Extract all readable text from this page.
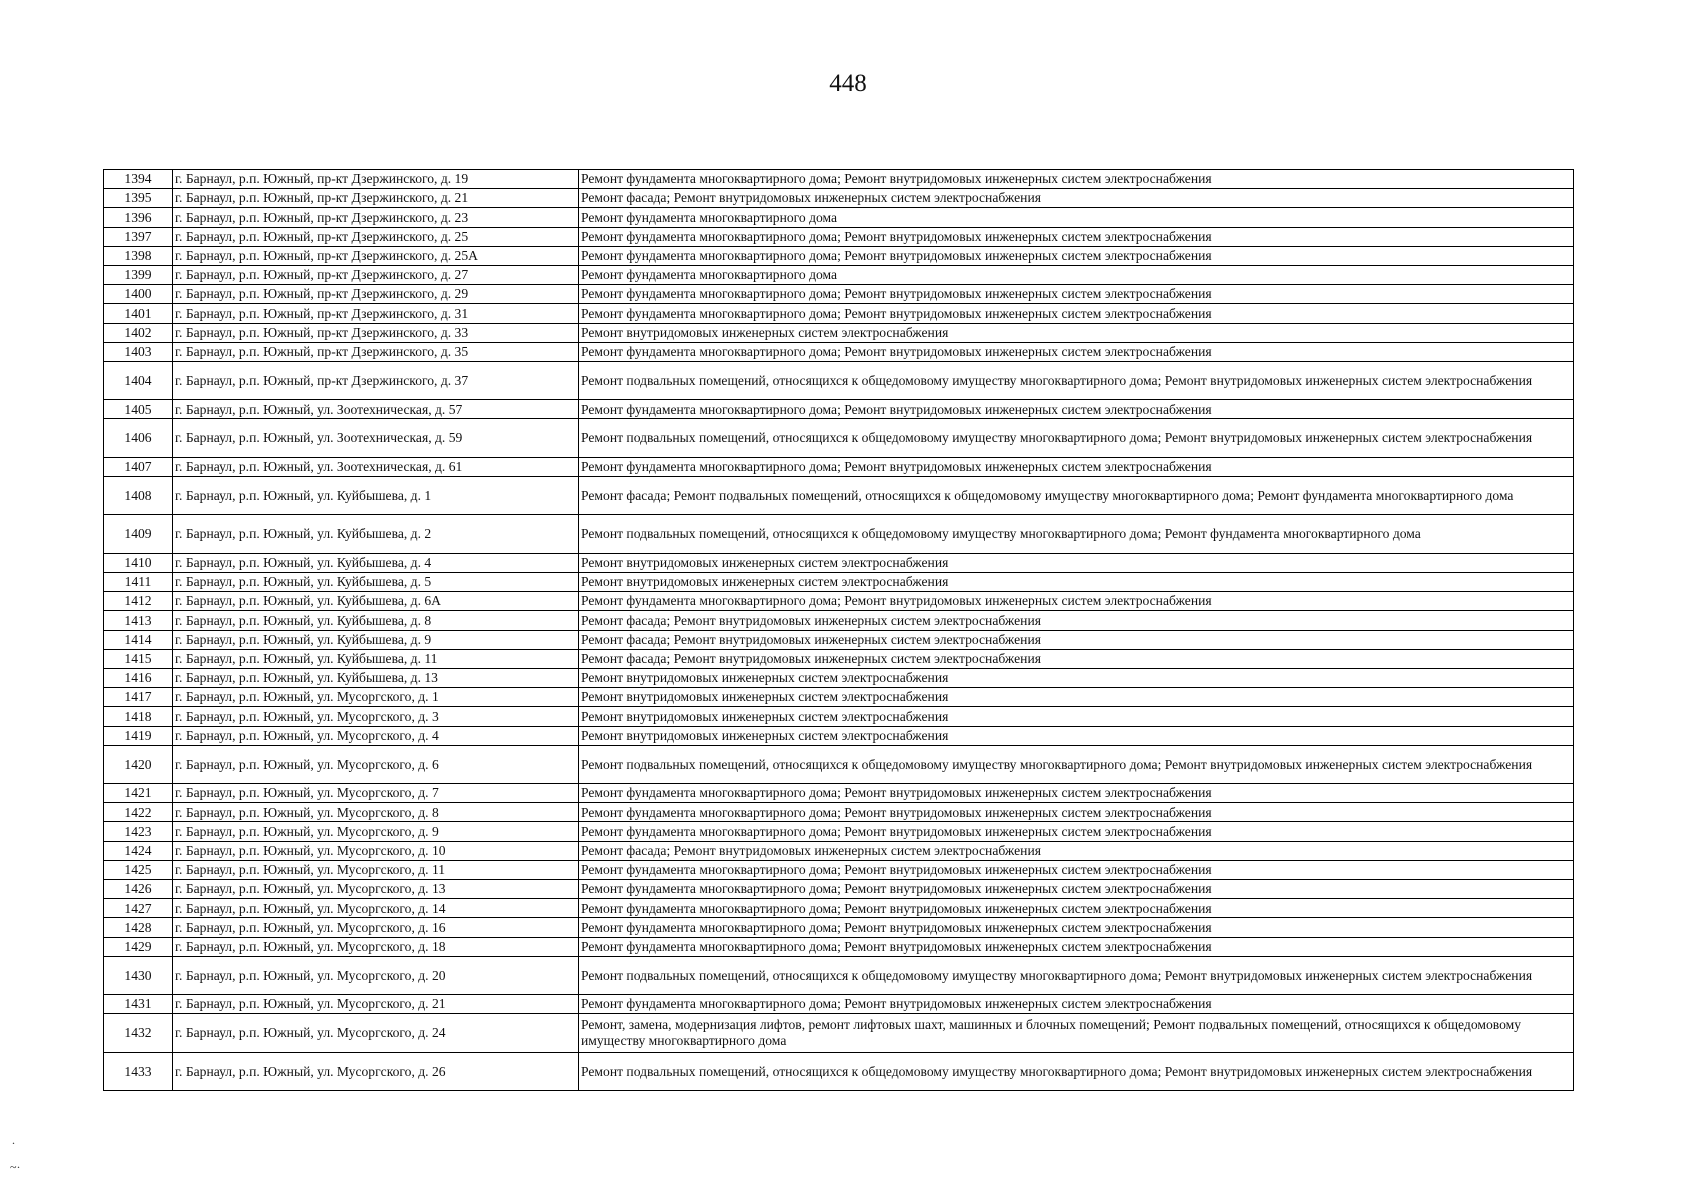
448
1394	г. Барнаул, р.п. Южный, пр-кт Дзержинского, д. 19	Ремонт фундамента многоквартирного дома; Ремонт внутридомовых инженерных систем электроснабжения
1395	г. Барнаул, р.п. Южный, пр-кт Дзержинского, д. 21	Ремонт фасада; Ремонт внутридомовых инженерных систем электроснабжения
1396	г. Барнаул, р.п. Южный, пр-кт Дзержинского, д. 23	Ремонт фундамента многоквартирного дома
1397	г. Барнаул, р.п. Южный, пр-кт Дзержинского, д. 25	Ремонт фундамента многоквартирного дома; Ремонт внутридомовых инженерных систем электроснабжения
1398	г. Барнаул, р.п. Южный, пр-кт Дзержинского, д. 25А	Ремонт фундамента многоквартирного дома; Ремонт внутридомовых инженерных систем электроснабжения
1399	г. Барнаул, р.п. Южный, пр-кт Дзержинского, д. 27	Ремонт фундамента многоквартирного дома
1400	г. Барнаул, р.п. Южный, пр-кт Дзержинского, д. 29	Ремонт фундамента многоквартирного дома; Ремонт внутридомовых инженерных систем электроснабжения
1401	г. Барнаул, р.п. Южный, пр-кт Дзержинского, д. 31	Ремонт фундамента многоквартирного дома; Ремонт внутридомовых инженерных систем электроснабжения
1402	г. Барнаул, р.п. Южный, пр-кт Дзержинского, д. 33	Ремонт внутридомовых инженерных систем электроснабжения
1403	г. Барнаул, р.п. Южный, пр-кт Дзержинского, д. 35	Ремонт фундамента многоквартирного дома; Ремонт внутридомовых инженерных систем электроснабжения
1404	г. Барнаул, р.п. Южный, пр-кт Дзержинского, д. 37	Ремонт подвальных помещений, относящихся к общедомовому имуществу многоквартирного дома; Ремонт внутридомовых инженерных систем электроснабжения
1405	г. Барнаул, р.п. Южный, ул. Зоотехническая, д. 57	Ремонт фундамента многоквартирного дома; Ремонт внутридомовых инженерных систем электроснабжения
1406	г. Барнаул, р.п. Южный, ул. Зоотехническая, д. 59	Ремонт подвальных помещений, относящихся к общедомовому имуществу многоквартирного дома; Ремонт внутридомовых инженерных систем электроснабжения
1407	г. Барнаул, р.п. Южный, ул. Зоотехническая, д. 61	Ремонт фундамента многоквартирного дома; Ремонт внутридомовых инженерных систем электроснабжения
1408	г. Барнаул, р.п. Южный, ул. Куйбышева, д. 1	Ремонт фасада; Ремонт подвальных помещений, относящихся к общедомовому имуществу многоквартирного дома; Ремонт фундамента многоквартирного дома
1409	г. Барнаул, р.п. Южный, ул. Куйбышева, д. 2	Ремонт подвальных помещений, относящихся к общедомовому имуществу многоквартирного дома; Ремонт фундамента многоквартирного дома
1410	г. Барнаул, р.п. Южный, ул. Куйбышева, д. 4	Ремонт внутридомовых инженерных систем электроснабжения
1411	г. Барнаул, р.п. Южный, ул. Куйбышева, д. 5	Ремонт внутридомовых инженерных систем электроснабжения
1412	г. Барнаул, р.п. Южный, ул. Куйбышева, д. 6А	Ремонт фундамента многоквартирного дома; Ремонт внутридомовых инженерных систем электроснабжения
1413	г. Барнаул, р.п. Южный, ул. Куйбышева, д. 8	Ремонт фасада; Ремонт внутридомовых инженерных систем электроснабжения
1414	г. Барнаул, р.п. Южный, ул. Куйбышева, д. 9	Ремонт фасада; Ремонт внутридомовых инженерных систем электроснабжения
1415	г. Барнаул, р.п. Южный, ул. Куйбышева, д. 11	Ремонт фасада; Ремонт внутридомовых инженерных систем электроснабжения
1416	г. Барнаул, р.п. Южный, ул. Куйбышева, д. 13	Ремонт внутридомовых инженерных систем электроснабжения
1417	г. Барнаул, р.п. Южный, ул. Мусоргского, д. 1	Ремонт внутридомовых инженерных систем электроснабжения
1418	г. Барнаул, р.п. Южный, ул. Мусоргского, д. 3	Ремонт внутридомовых инженерных систем электроснабжения
1419	г. Барнаул, р.п. Южный, ул. Мусоргского, д. 4	Ремонт внутридомовых инженерных систем электроснабжения
1420	г. Барнаул, р.п. Южный, ул. Мусоргского, д. 6	Ремонт подвальных помещений, относящихся к общедомовому имуществу многоквартирного дома; Ремонт внутридомовых инженерных систем электроснабжения
1421	г. Барнаул, р.п. Южный, ул. Мусоргского, д. 7	Ремонт фундамента многоквартирного дома; Ремонт внутридомовых инженерных систем электроснабжения
1422	г. Барнаул, р.п. Южный, ул. Мусоргского, д. 8	Ремонт фундамента многоквартирного дома; Ремонт внутридомовых инженерных систем электроснабжения
1423	г. Барнаул, р.п. Южный, ул. Мусоргского, д. 9	Ремонт фундамента многоквартирного дома; Ремонт внутридомовых инженерных систем электроснабжения
1424	г. Барнаул, р.п. Южный, ул. Мусоргского, д. 10	Ремонт фасада; Ремонт внутридомовых инженерных систем электроснабжения
1425	г. Барнаул, р.п. Южный, ул. Мусоргского, д. 11	Ремонт фундамента многоквартирного дома; Ремонт внутридомовых инженерных систем электроснабжения
1426	г. Барнаул, р.п. Южный, ул. Мусоргского, д. 13	Ремонт фундамента многоквартирного дома; Ремонт внутридомовых инженерных систем электроснабжения
1427	г. Барнаул, р.п. Южный, ул. Мусоргского, д. 14	Ремонт фундамента многоквартирного дома; Ремонт внутридомовых инженерных систем электроснабжения
1428	г. Барнаул, р.п. Южный, ул. Мусоргского, д. 16	Ремонт фундамента многоквартирного дома; Ремонт внутридомовых инженерных систем электроснабжения
1429	г. Барнаул, р.п. Южный, ул. Мусоргского, д. 18	Ремонт фундамента многоквартирного дома; Ремонт внутридомовых инженерных систем электроснабжения
1430	г. Барнаул, р.п. Южный, ул. Мусоргского, д. 20	Ремонт подвальных помещений, относящихся к общедомовому имуществу многоквартирного дома; Ремонт внутридомовых инженерных систем электроснабжения
1431	г. Барнаул, р.п. Южный, ул. Мусоргского, д. 21	Ремонт фундамента многоквартирного дома; Ремонт внутридомовых инженерных систем электроснабжения
1432	г. Барнаул, р.п. Южный, ул. Мусоргского, д. 24	Ремонт, замена, модернизация лифтов, ремонт лифтовых шахт, машинных и блочных помещений; Ремонт подвальных помещений, относящихся к общедомовому имуществу многоквартирного дома
1433	г. Барнаул, р.п. Южный, ул. Мусоргского, д. 26	Ремонт подвальных помещений, относящихся к общедомовому имуществу многоквартирного дома; Ремонт внутридомовых инженерных систем электроснабжения
.
~·
